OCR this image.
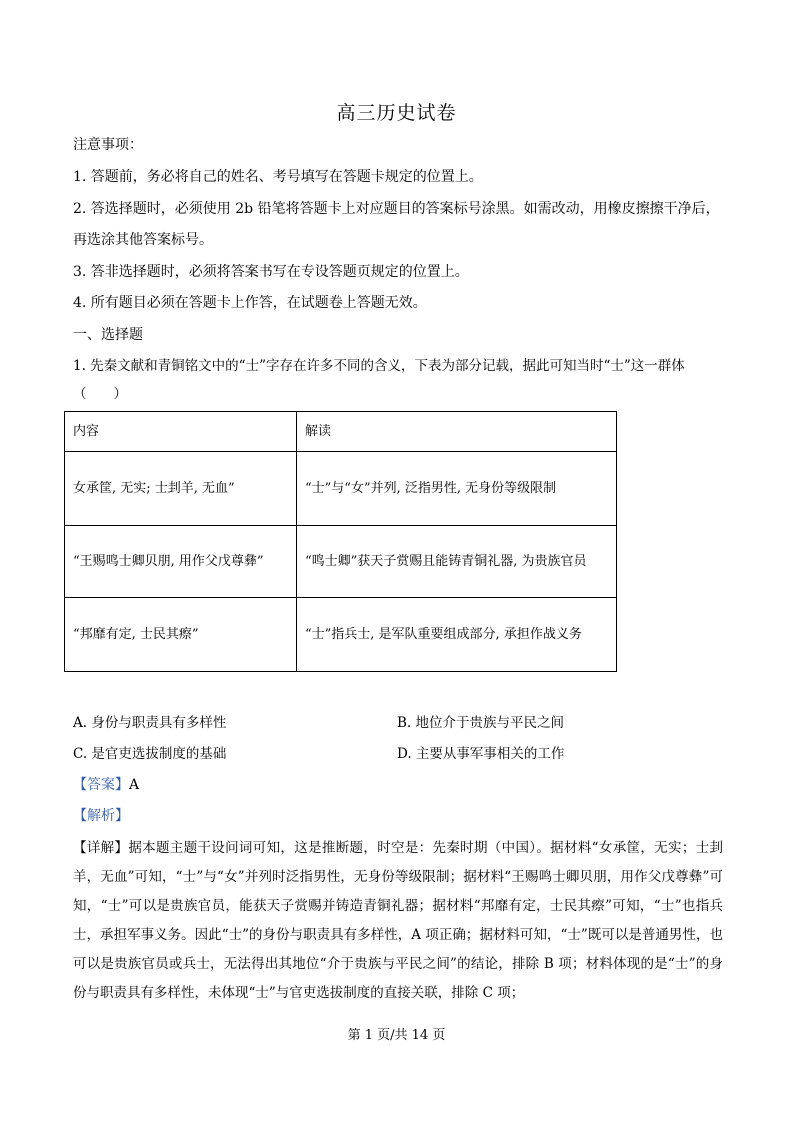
高三历史试卷
注意事项：
1. 答题前，务必将自己的姓名、考号填写在答题卡规定的位置上。
2. 答选择题时，必须使用 2b 铅笔将答题卡上对应题目的答案标号涂黑。如需改动，用橡皮擦擦干净后，再选涂其他答案标号。
3. 答非选择题时，必须将答案书写在专设答题页规定的位置上。
4. 所有题目必须在答题卡上作答，在试题卷上答题无效。
一、选择题
1. 先秦文献和青铜铭文中的“士”字存在许多不同的含义，下表为部分记载，据此可知当时“士”这一群体（　　）
内容	解读
女承筐, 无实; 士刲羊, 无血”	“士”与“女”并列, 泛指男性, 无身份等级限制
“王赐鸣士卿贝朋, 用作父戊尊彝”	“鸣士卿”获天子赏赐且能铸青铜礼器, 为贵族官员
“邦靡有定, 士民其瘵”	“士”指兵士, 是军队重要组成部分, 承担作战义务
A. 身份与职责具有多样性	B. 地位介于贵族与平民之间
C. 是官吏选拔制度的基础	D. 主要从事军事相关的工作
【答案】A
【解析】
【详解】据本题主题干设问词可知，这是推断题，时空是：先秦时期（中国）。据材料“女承筐，无实；士刲羊，无血”可知，“士”与“女”并列时泛指男性，无身份等级限制；据材料“王赐鸣士卿贝朋，用作父戊尊彝”可知，“士”可以是贵族官员，能获天子赏赐并铸造青铜礼器；据材料“邦靡有定，士民其瘵”可知，“士”也指兵士，承担军事义务。因此“士”的身份与职责具有多样性，A 项正确；据材料可知，“士”既可以是普通男性，也可以是贵族官员或兵士，无法得出其地位“介于贵族与平民之间”的结论，排除 B 项；材料体现的是“士”的身份与职责具有多样性，未体现“士”与官吏选拔制度的直接关联，排除 C 项；
第 1 页/共 14 页
